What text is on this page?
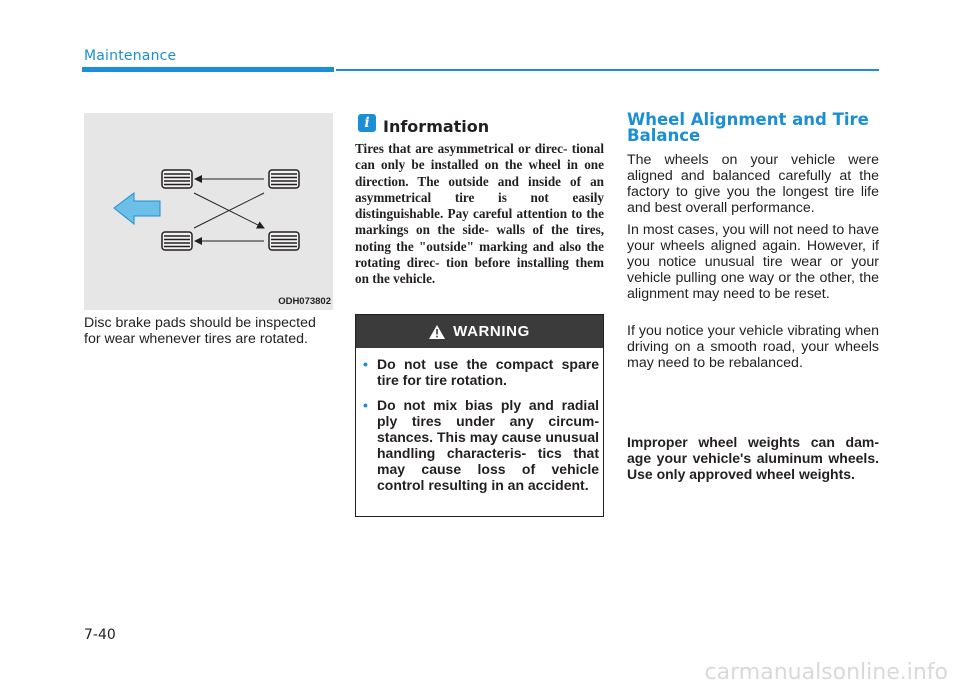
Maintenance
ODH073802
Disc brake pads should be inspected for wear whenever tires are rotated.
i Information
Tires that are asymmetrical or direc- tional can only be installed on the wheel in one direction. The outside and inside of an asymmetrical tire is not easily distinguishable. Pay careful attention to the markings on the side- walls of the tires, noting the "outside" marking and also the rotating direc- tion before installing them on the vehicle.
WARNING
• Do not use the compact spare tire for tire rotation.
• Do not mix bias ply and radial ply tires under any circum- stances. This may cause unusual handling characteris- tics that may cause loss of vehicle control resulting in an accident.
Wheel Alignment and Tire Balance
The wheels on your vehicle were aligned and balanced carefully at the factory to give you the longest tire life and best overall performance.
In most cases, you will not need to have your wheels aligned again. However, if you notice unusual tire wear or your vehicle pulling one way or the other, the alignment may need to be reset.
If you notice your vehicle vibrating when driving on a smooth road, your wheels may need to be rebalanced.
Improper wheel weights can dam- age your vehicle's aluminum wheels. Use only approved wheel weights.
7-40
carmanualsonline.info
